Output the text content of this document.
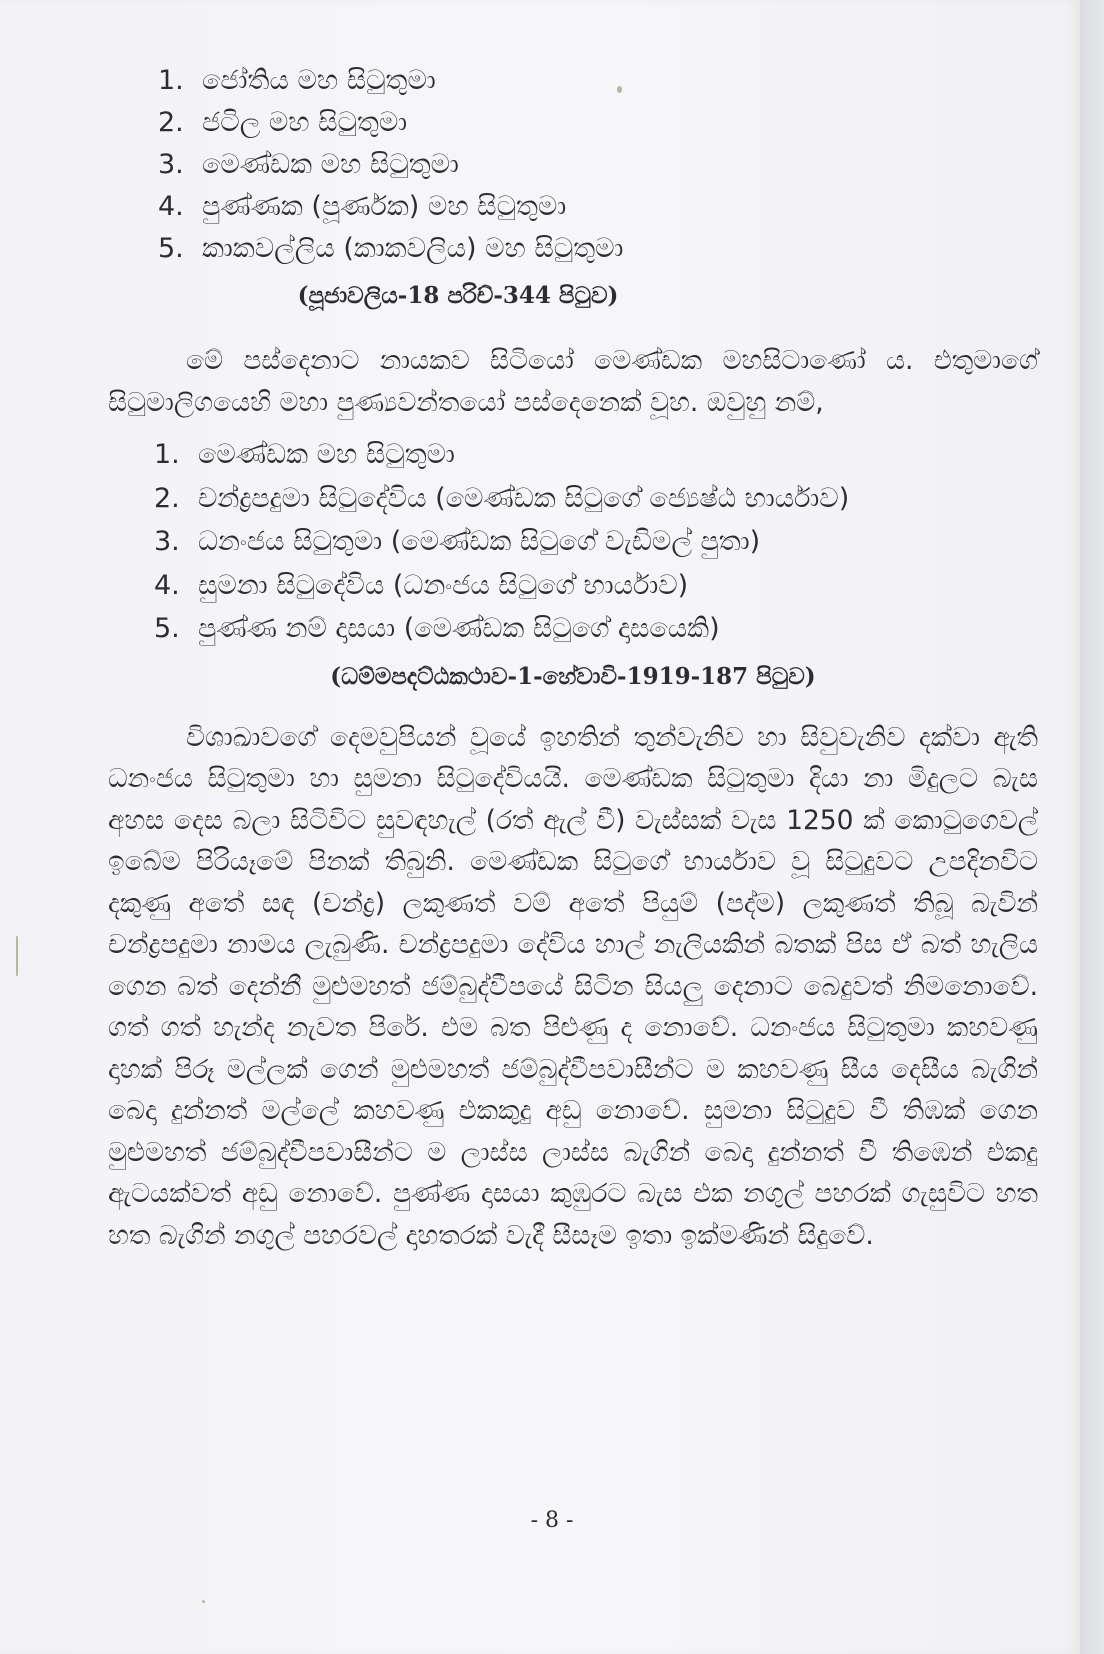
1. ජෝතිය මහ සිටුතුමා
2. ජටිල මහ සිටුතුමා
3. මෙණ්ඩක මහ සිටුතුමා
4. පුණ්ණක (පූර්ණක) මහ සිටුතුමා
5. කාකවල්ලිය (කාකවලිය) මහ සිටුතුමා
(පූජාවලිය-18 පරිච්-344 පිටුව)

මේ පස්දෙනාට නායකව සිටියෝ මෙණ්ඩක මහසිටාණෝ ය. එතුමාගේ සිටුමාලිගයෙහි මහා පුණ්‍යවන්තයෝ පස්දෙනෙක් වූහ. ඔවුහු නම්,

1. මෙණ්ඩක මහ සිටුතුමා
2. චන්ද්‍රපදුමා සිටුදේවිය (මෙණ්ඩක සිටුගේ ජ්‍යෙෂ්ඨ භාර්යාව)
3. ධනංජය සිටුතුමා (මෙණ්ඩක සිටුගේ වැඩිමල් පුතා)
4. සුමනා සිටුදේවිය (ධනංජය සිටුගේ භාර්යාව)
5. පුණ්ණ නම් දාසයා (මෙණ්ඩක සිටුගේ දාසයෙකි)
(ධම්මපදට්ඨකථාව-1-හේවාවි-1919-187 පිටුව)

විශාඛාවගේ දෙමවුපියන් වූයේ ඉහතින් තුන්වැනිව හා සිවුවැනිව දක්වා ඇති ධනංජය සිටුතුමා හා සුමනා සිටුදේවියයි. මෙණ්ඩක සිටුතුමා දියා නා මිදුලට බැස අහස දෙස බලා සිටිවිට සුවඳහැල් (රත් ඇල් වී) වැස්සක් වැස 1250 ක් කොටුගෙවල් ඉබේම පිරියෑමේ පිනක් තිබුනි. මෙණ්ඩක සිටුගේ භාර්යාව වූ සිටුදුවට උපදිනවිට දකුණු අතේ සඳ (චන්ද්‍ර) ලකුණත් වම් අතේ පියුම් (පද්ම) ලකුණත් තිබූ බැවින් චන්ද්‍රපදුමා නාමය ලැබුණි. චන්ද්‍රපදුමා දේවිය හාල් නැලියකින් බතක් පිස ඒ බත් හැලිය ගෙන බත් දෙන්නී මුළුමහත් ජම්බුද්වීපයේ සිටින සියලු දෙනාට බෙදුවත් නිමනොවේ. ගත් ගත් හැන්ද නැවත පිරේ. එම බත පිළුණු ද නොවේ. ධනංජය සිටුතුමා කහවණු දාහක් පිරූ මල්ලක් ගෙන් මුළුමහත් ජම්බුද්වීපවාසීන්ට ම කහවණු සීය දෙසීය බැගින් බෙදා දුන්නත් මල්ලේ කහවණු එකකුදු අඩු නොවේ. සුමනා සිටුදුව වී තිඹක් ගෙන මුළුමහත් ජම්බුද්වීපවාසීන්ට ම ලාස්ස ලාස්ස බැගින් බෙදා දුන්නත් වී තිඹෙන් එකදු ඇටයක්වත් අඩු නොවේ. පුණ්ණ දාසයා කුඹුරට බැස එක නගුල් පහරක් ගැසුවිට හත හත බැගින් නගුල් පහරවල් දාහතරක් වැදී සීසෑම ඉතා ඉක්මණින් සිදුවේ.

- 8 -
